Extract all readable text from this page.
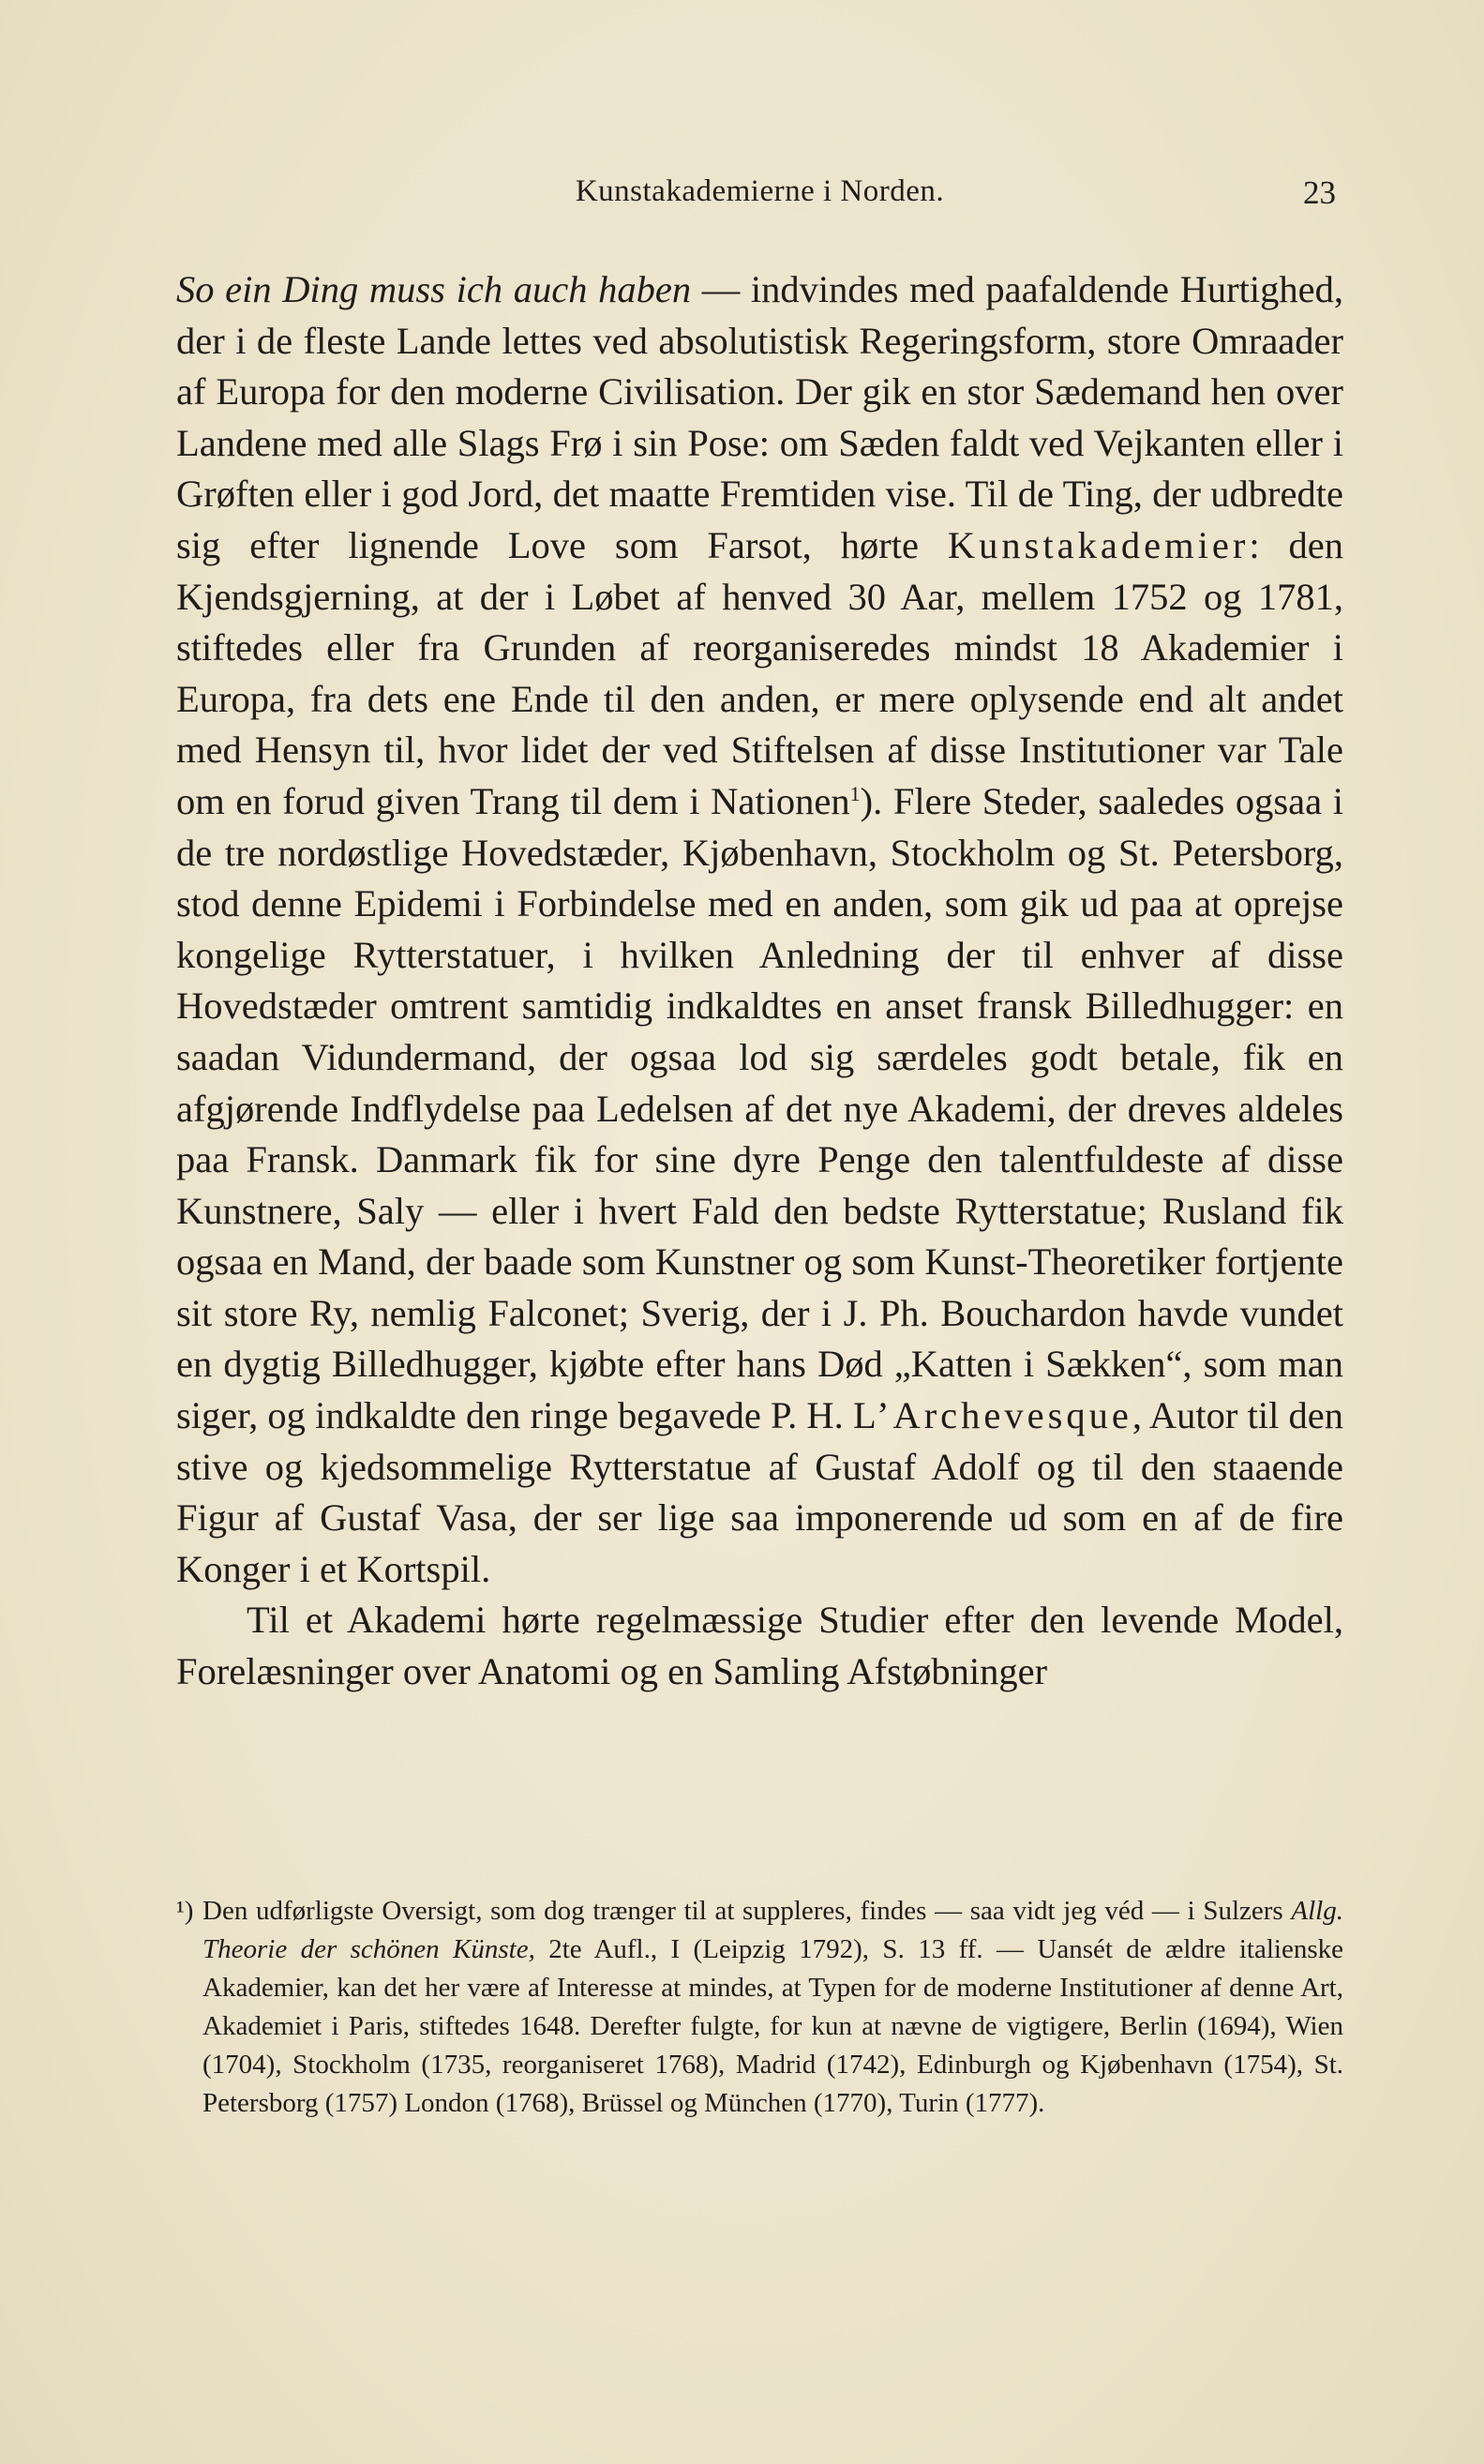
Kunstakademierne i Norden.	23

So ein Ding muss ich auch haben — indvindes med paafaldende Hurtighed, der i de fleste Lande lettes ved absolutistisk Regeringsform, store Omraader af Europa for den moderne Civilisation. Der gik en stor Sædemand hen over Landene med alle Slags Frø i sin Pose: om Sæden faldt ved Vejkanten eller i Grøften eller i god Jord, det maatte Fremtiden vise. Til de Ting, der udbredte sig efter lignende Love som Farsot, hørte Kunstakademier: den Kjendsgjerning, at der i Løbet af henved 30 Aar, mellem 1752 og 1781, stiftedes eller fra Grunden af reorganiseredes mindst 18 Akademier i Europa, fra dets ene Ende til den anden, er mere oplysende end alt andet med Hensyn til, hvor lidet der ved Stiftelsen af disse Institutioner var Tale om en forud given Trang til dem i Nationen$^1$). Flere Steder, saaledes ogsaa i de tre nordøstlige Hovedstæder, Kjøbenhavn, Stockholm og St. Petersborg, stod denne Epidemi i Forbindelse med en anden, som gik ud paa at oprejse kongelige Rytterstatuer, i hvilken Anledning der til enhver af disse Hovedstæder omtrent samtidig indkaldtes en anset fransk Billedhugger: en saadan Vidundermand, der ogsaa lod sig særdeles godt betale, fik en afgjørende Indflydelse paa Ledelsen af det nye Akademi, der dreves aldeles paa Fransk. Danmark fik for sine dyre Penge den talentfuldeste af disse Kunstnere, Saly — eller i hvert Fald den bedste Rytterstatue; Rusland fik ogsaa en Mand, der baade som Kunstner og som Kunst-Theoretiker fortjente sit store Ry, nemlig Falconet; Sverig, der i J. Ph. Bouchardon havde vundet en dygtig Billedhugger, kjøbte efter hans Død „Katten i Sækken“, som man siger, og indkaldte den ringe begavede P. H. L’Archevesque, Autor til den stive og kjedsommelige Rytterstatue af Gustaf Adolf og til den staaende Figur af Gustaf Vasa, der ser lige saa imponerende ud som en af de fire Konger i et Kortspil.

Til et Akademi hørte regelmæssige Studier efter den levende Model, Forelæsninger over Anatomi og en Samling Afstøbninger

¹) Den udførligste Oversigt, som dog trænger til at suppleres, findes — saa vidt jeg véd — i Sulzers Allg. Theorie der schönen Künste, 2te Aufl., I (Leipzig 1792), S. 13 ff. — Uansét de ældre italienske Akademier, kan det her være af Interesse at mindes, at Typen for de moderne Institutioner af denne Art, Akademiet i Paris, stiftedes 1648. Derefter fulgte, for kun at nævne de vigtigere, Berlin (1694), Wien (1704), Stockholm (1735, reorganiseret 1768), Madrid (1742), Edinburgh og Kjøbenhavn (1754), St. Petersborg (1757) London (1768), Brüssel og München (1770), Turin (1777).
